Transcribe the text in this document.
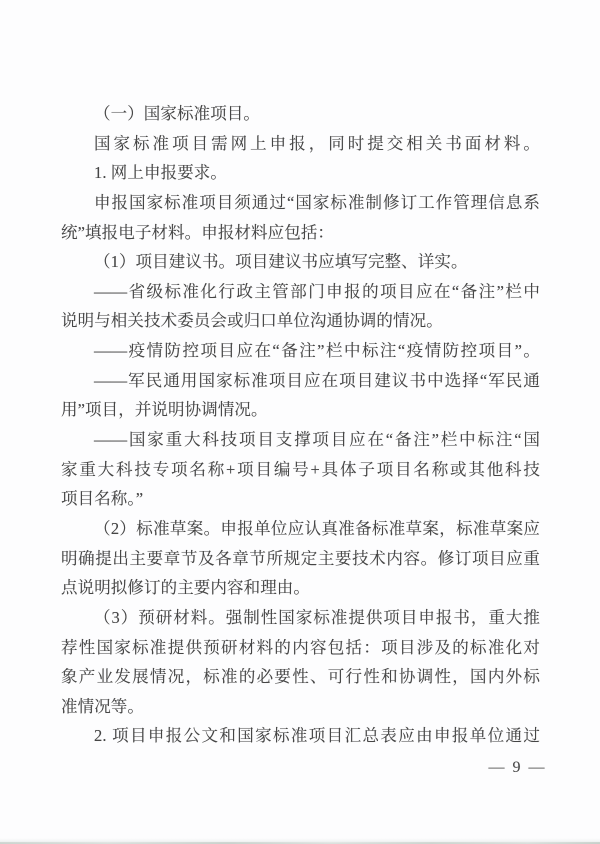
（一）国家标准项目。
国家标准项目需网上申报，同时提交相关书面材料。
1. 网上申报要求。
申报国家标准项目须通过“国家标准制修订工作管理信息系
统”填报电子材料。申报材料应包括：
（1）项目建议书。项目建议书应填写完整、详实。
——省级标准化行政主管部门申报的项目应在“备注”栏中
说明与相关技术委员会或归口单位沟通协调的情况。
——疫情防控项目应在“备注”栏中标注“疫情防控项目”。
——军民通用国家标准项目应在项目建议书中选择“军民通
用”项目，并说明协调情况。
——国家重大科技项目支撑项目应在“备注”栏中标注“国
家重大科技专项名称+项目编号+具体子项目名称或其他科技
项目名称。”
（2）标准草案。申报单位应认真准备标准草案，标准草案应
明确提出主要章节及各章节所规定主要技术内容。修订项目应重
点说明拟修订的主要内容和理由。
（3）预研材料。强制性国家标准提供项目申报书，重大推
荐性国家标准提供预研材料的内容包括：项目涉及的标准化对
象产业发展情况，标准的必要性、可行性和协调性，国内外标
准情况等。
2. 项目申报公文和国家标准项目汇总表应由申报单位通过
— 9 —
